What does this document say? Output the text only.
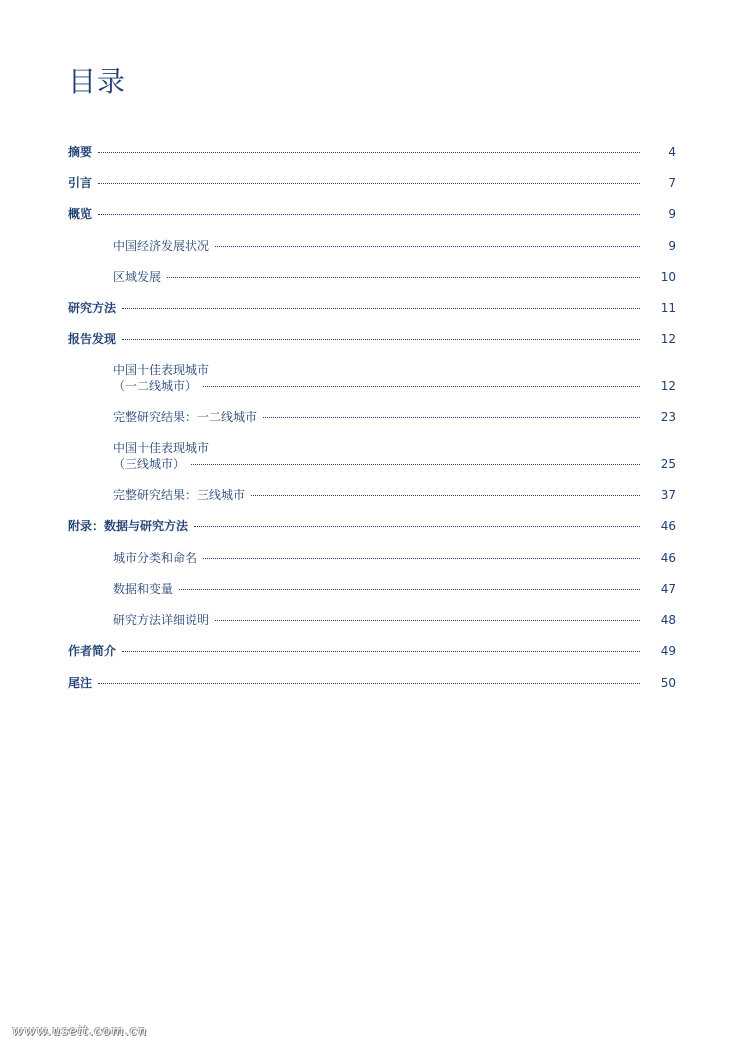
目录
摘要	4
引言	7
概览	9
中国经济发展状况	9
区域发展	10
研究方法	11
报告发现	12
中国十佳表现城市
（一二线城市）	12
完整研究结果：一二线城市	23
中国十佳表现城市
（三线城市）	25
完整研究结果：三线城市	37
附录：数据与研究方法	46
城市分类和命名	46
数据和变量	47
研究方法详细说明	48
作者简介	49
尾注	50
www.useit.com.cn
